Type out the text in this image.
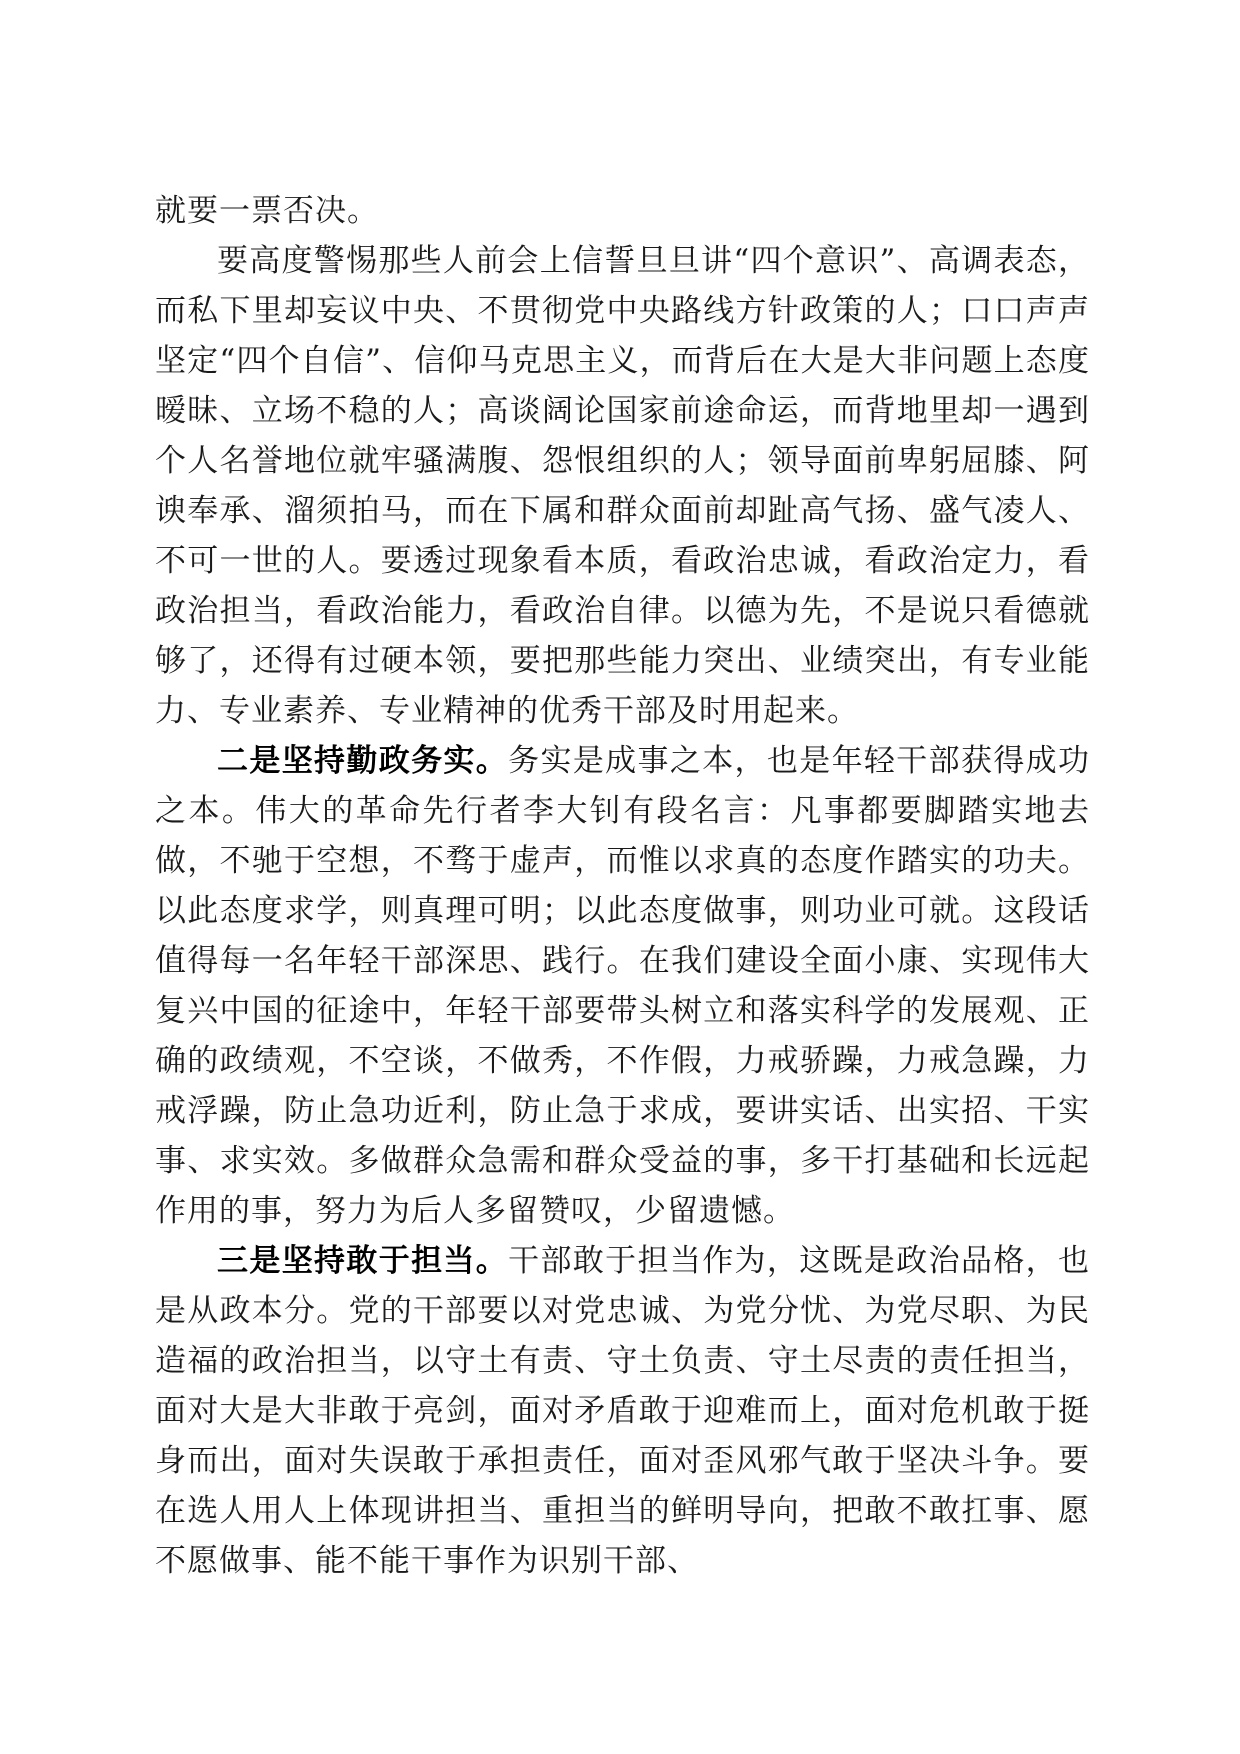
就要一票否决。

要高度警惕那些人前会上信誓旦旦讲“四个意识”、高调表态，而私下里却妄议中央、不贯彻党中央路线方针政策的人；口口声声坚定“四个自信”、信仰马克思主义，而背后在大是大非问题上态度暧昧、立场不稳的人；高谈阔论国家前途命运，而背地里却一遇到个人名誉地位就牢骚满腹、怨恨组织的人；领导面前卑躬屈膝、阿谀奉承、溜须拍马，而在下属和群众面前却趾高气扬、盛气凌人、不可一世的人。要透过现象看本质，看政治忠诚，看政治定力，看政治担当，看政治能力，看政治自律。以德为先，不是说只看德就够了，还得有过硬本领，要把那些能力突出、业绩突出，有专业能力、专业素养、专业精神的优秀干部及时用起来。

二是坚持勤政务实。务实是成事之本，也是年轻干部获得成功之本。伟大的革命先行者李大钊有段名言：凡事都要脚踏实地去做，不驰于空想，不骛于虚声，而惟以求真的态度作踏实的功夫。以此态度求学，则真理可明；以此态度做事，则功业可就。这段话值得每一名年轻干部深思、践行。在我们建设全面小康、实现伟大复兴中国的征途中，年轻干部要带头树立和落实科学的发展观、正确的政绩观，不空谈，不做秀，不作假，力戒骄躁，力戒急躁，力戒浮躁，防止急功近利，防止急于求成，要讲实话、出实招、干实事、求实效。多做群众急需和群众受益的事，多干打基础和长远起作用的事，努力为后人多留赞叹，少留遗憾。

三是坚持敢于担当。干部敢于担当作为，这既是政治品格，也是从政本分。党的干部要以对党忠诚、为党分忧、为党尽职、为民造福的政治担当，以守土有责、守土负责、守土尽责的责任担当，面对大是大非敢于亮剑，面对矛盾敢于迎难而上，面对危机敢于挺身而出，面对失误敢于承担责任，面对歪风邪气敢于坚决斗争。要在选人用人上体现讲担当、重担当的鲜明导向，把敢不敢扛事、愿不愿做事、能不能干事作为识别干部、
